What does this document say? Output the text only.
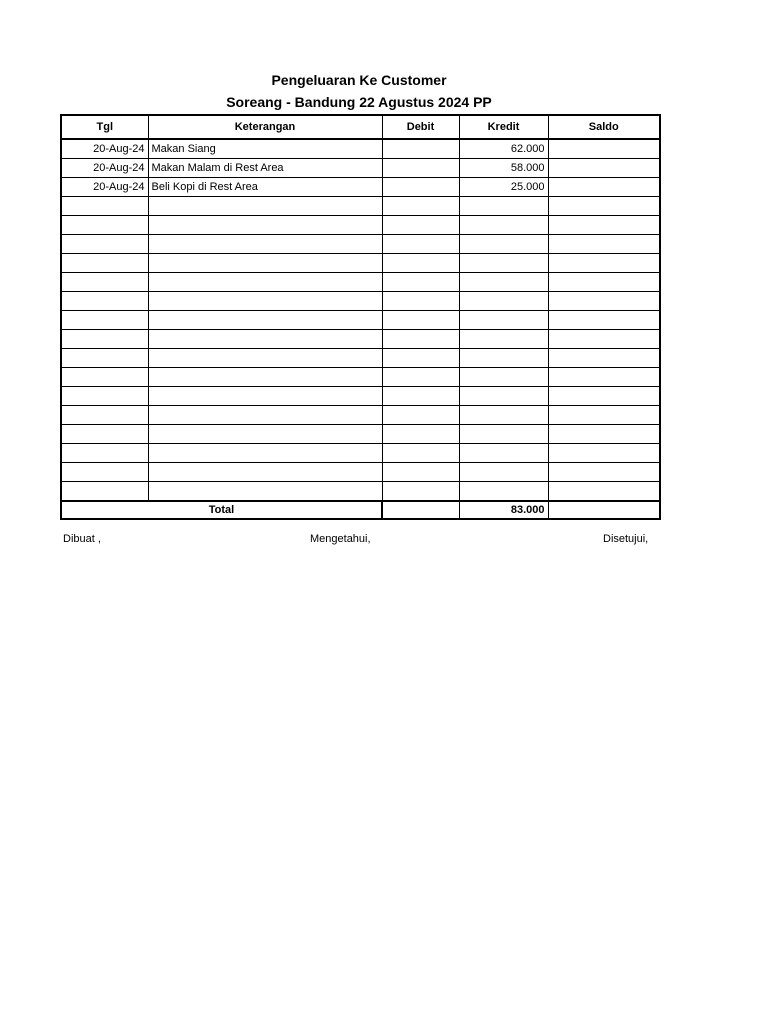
Pengeluaran Ke Customer
Soreang - Bandung 22 Agustus 2024 PP
Tgl	Keterangan	Debit	Kredit	Saldo
20-Aug-24	Makan Siang		62.000	
20-Aug-24	Makan Malam di Rest Area		58.000	
20-Aug-24	Beli Kopi di Rest Area		25.000	

Total			83.000	
Dibuat ,	Mengetahui,	Disetujui,
